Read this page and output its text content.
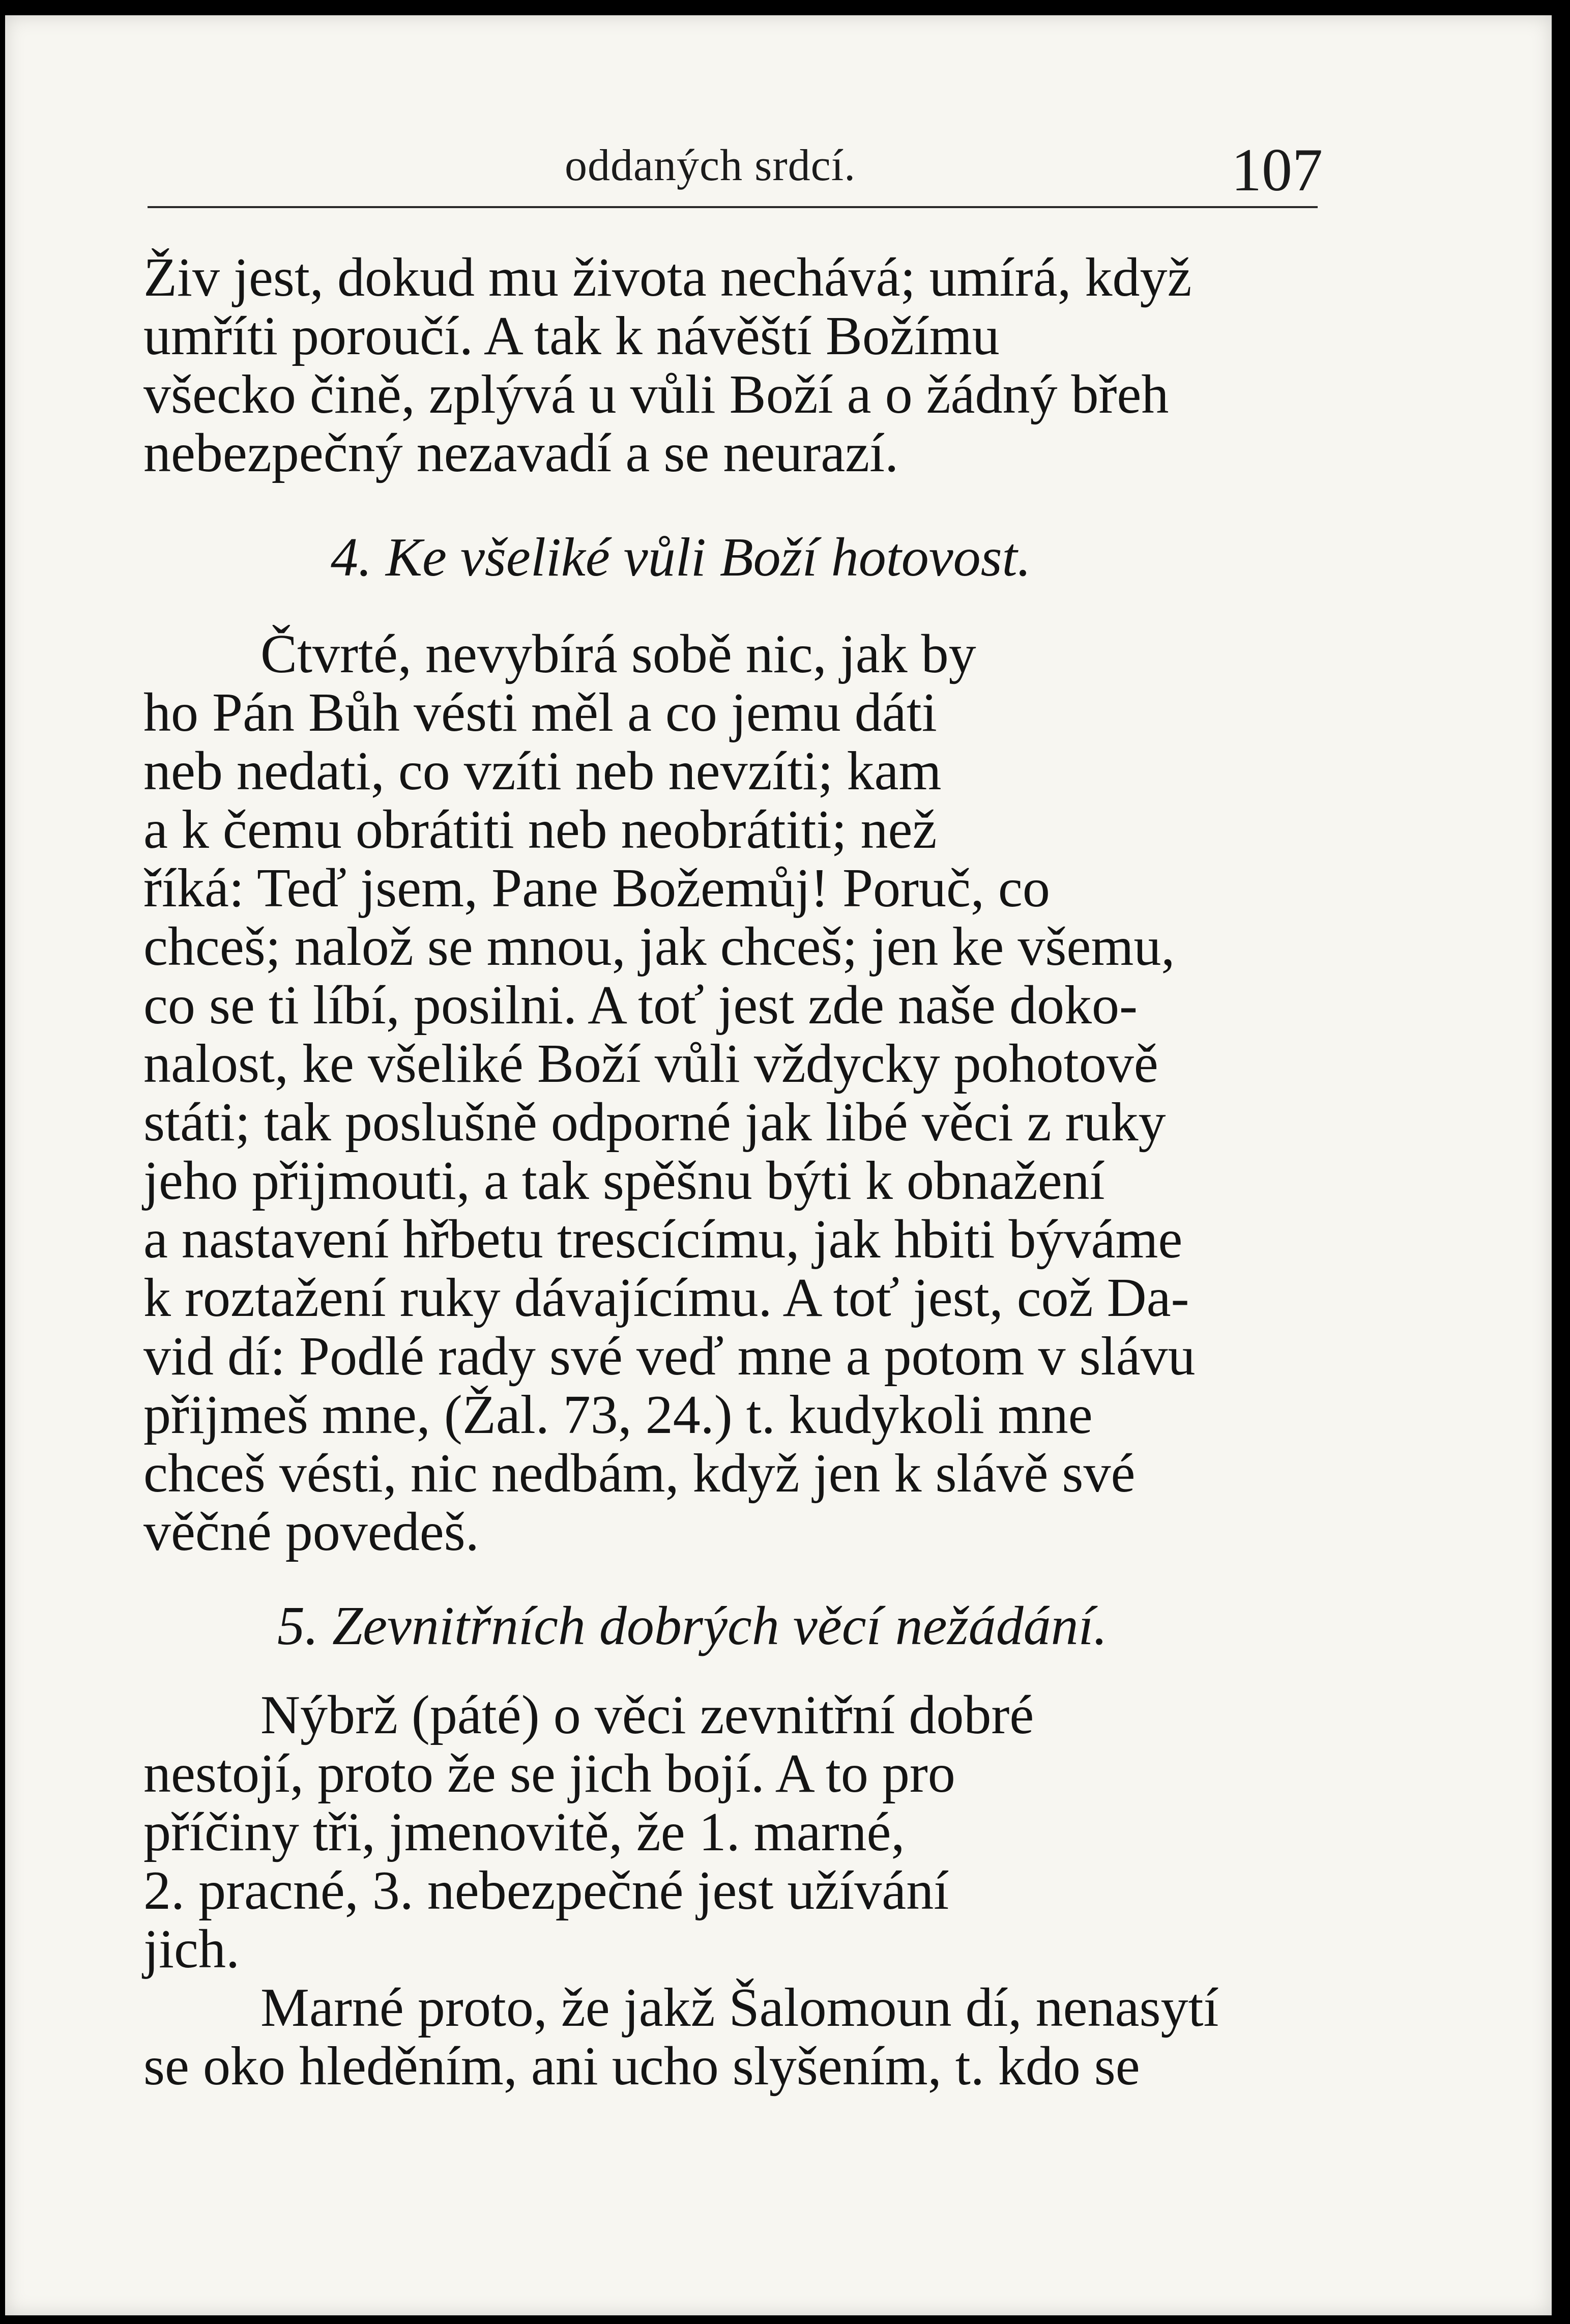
oddaných srdcí.	107
Živ jest, dokud mu života nechává; umírá, když
umříti poroučí. A tak k návěští Božímu
všecko čině, zplývá u vůli Boží a o žádný břeh
nebezpečný nezavadí a se neurazí.
4. Ke všeliké vůli Boží hotovost.
Čtvrté, nevybírá sobě nic, jak by
ho Pán Bůh vésti měl a co jemu dáti
neb nedati, co vzíti neb nevzíti; kam
a k čemu obrátiti neb neobrátiti; než
říká: Teď jsem, Pane Božemůj! Poruč, co
chceš; nalož se mnou, jak chceš; jen ke všemu,
co se ti líbí, posilni. A toť jest zde naše doko-
nalost, ke všeliké Boží vůli vždycky pohotově
státi; tak poslušně odporné jak libé věci z ruky
jeho přijmouti, a tak spěšnu býti k obnažení
a nastavení hřbetu trescícímu, jak hbiti býváme
k roztažení ruky dávajícímu. A toť jest, což Da-
vid dí: Podlé rady své veď mne a potom v slávu
přijmeš mne, (Žal. 73, 24.) t. kudykoli mne
chceš vésti, nic nedbám, když jen k slávě své
věčné povedeš.
5. Zevnitřních dobrých věcí nežádání.
Nýbrž (páté) o věci zevnitřní dobré
nestojí, proto že se jich bojí. A to pro
příčiny tři, jmenovitě, že 1. marné,
2. pracné, 3. nebezpečné jest užívání
jich.
Marné proto, že jakž Šalomoun dí, nenasytí
se oko hleděním, ani ucho slyšením, t. kdo se
